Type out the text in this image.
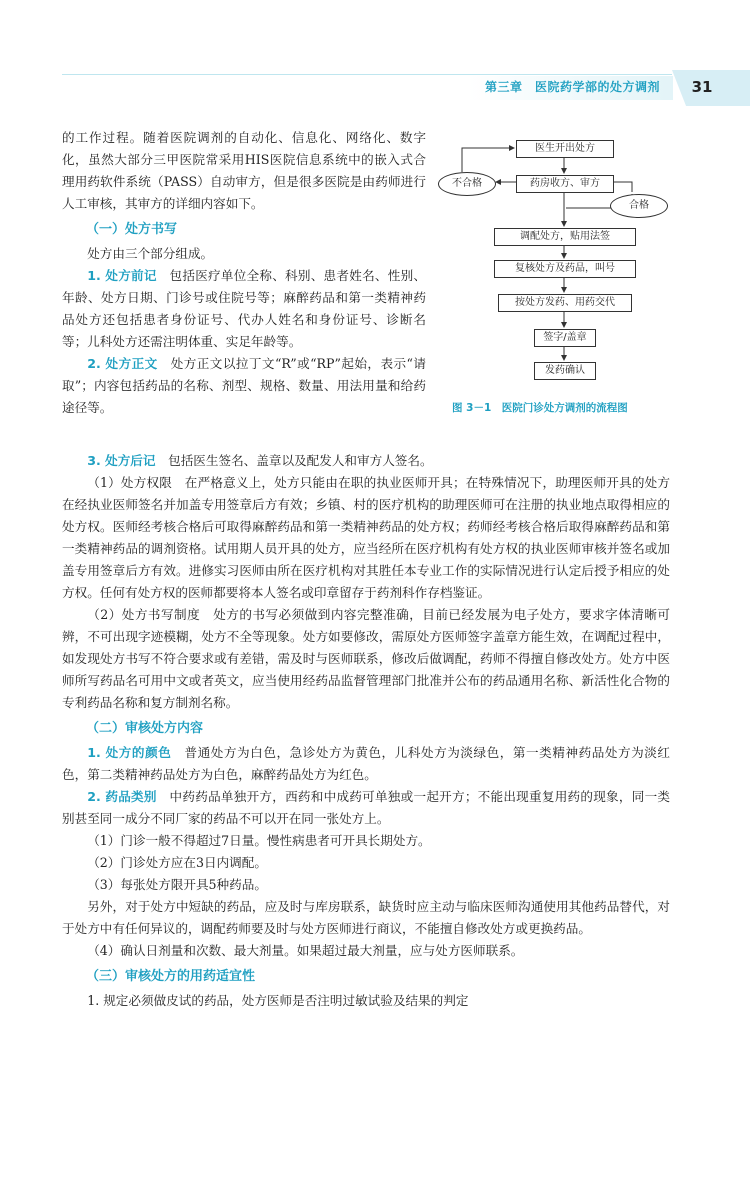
第三章　医院药学部的处方调剂	31

的工作过程。随着医院调剂的自动化、信息化、网络化、数字化，虽然大部分三甲医院常采用HIS医院信息系统中的嵌入式合理用药软件系统（PASS）自动审方，但是很多医院是由药师进行人工审核，其审方的详细内容如下。

（一）处方书写

处方由三个部分组成。

1. 处方前记　包括医疗单位全称、科别、患者姓名、性别、年龄、处方日期、门诊号或住院号等；麻醉药品和第一类精神药品处方还包括患者身份证号、代办人姓名和身份证号、诊断名等；儿科处方还需注明体重、实足年龄等。

2. 处方正文　处方正文以拉丁文“R”或“RP”起始，表示“请取”；内容包括药品的名称、剂型、规格、数量、用法用量和给药途径等。

3. 处方后记　包括医生签名、盖章以及配发人和审方人签名。

（1）处方权限　在严格意义上，处方只能由在职的执业医师开具；在特殊情况下，助理医师开具的处方在经执业医师签名并加盖专用签章后方有效；乡镇、村的医疗机构的助理医师可在注册的执业地点取得相应的处方权。医师经考核合格后可取得麻醉药品和第一类精神药品的处方权；药师经考核合格后取得麻醉药品和第一类精神药品的调剂资格。试用期人员开具的处方，应当经所在医疗机构有处方权的执业医师审核并签名或加盖专用签章后方有效。进修实习医师由所在医疗机构对其胜任本专业工作的实际情况进行认定后授予相应的处方权。任何有处方权的医师都要将本人签名或印章留存于药剂科作存档鉴证。

（2）处方书写制度　处方的书写必须做到内容完整准确，目前已经发展为电子处方，要求字体清晰可辨，不可出现字迹模糊，处方不全等现象。处方如要修改，需原处方医师签字盖章方能生效，在调配过程中，如发现处方书写不符合要求或有差错，需及时与医师联系，修改后做调配，药师不得擅自修改处方。处方中医师所写药品名可用中文或者英文，应当使用经药品监督管理部门批准并公布的药品通用名称、新活性化合物的专利药品名称和复方制剂名称。

（二）审核处方内容

1. 处方的颜色　普通处方为白色，急诊处方为黄色，儿科处方为淡绿色，第一类精神药品处方为淡红色，第二类精神药品处方为白色，麻醉药品处方为红色。

2. 药品类别　中药药品单独开方，西药和中成药可单独或一起开方；不能出现重复用药的现象，同一类别甚至同一成分不同厂家的药品不可以开在同一张处方上。

（1）门诊一般不得超过7日量。慢性病患者可开具长期处方。

（2）门诊处方应在3日内调配。

（3）每张处方限开具5种药品。

另外，对于处方中短缺的药品，应及时与库房联系，缺货时应主动与临床医师沟通使用其他药品替代，对于处方中有任何异议的，调配药师要及时与处方医师进行商议，不能擅自修改处方或更换药品。

（4）确认日剂量和次数、最大剂量。如果超过最大剂量，应与处方医师联系。

（三）审核处方的用药适宜性

1. 规定必须做皮试的药品，处方医师是否注明过敏试验及结果的判定

医生开出处方
药房收方、审方
不合格
合格
调配处方，贴用法签
复核处方及药品，叫号
按处方发药、用药交代
签字/盖章
发药确认
图 3－1　医院门诊处方调剂的流程图
